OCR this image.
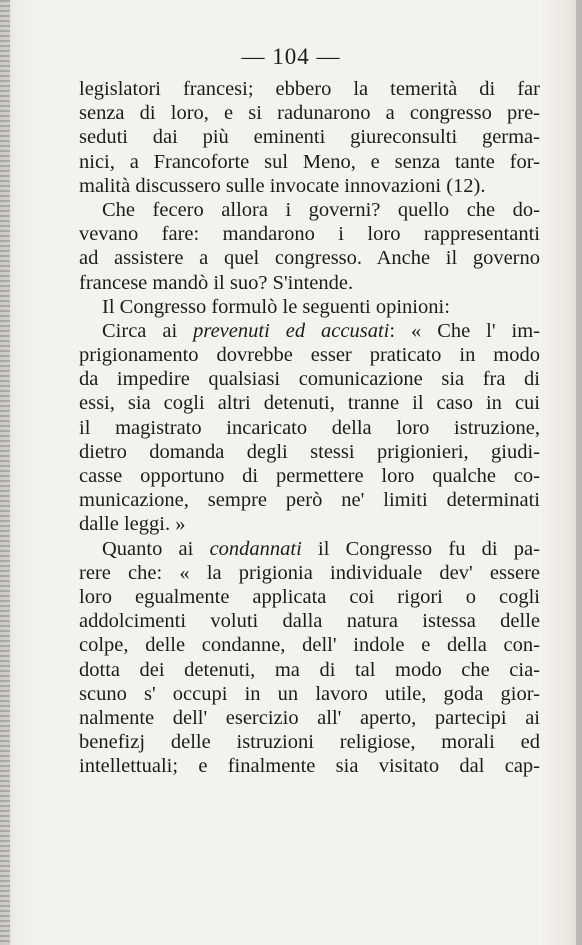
— 104 —
legislatori francesi; ebbero la temerità di far
senza di loro, e si radunarono a congresso pre-
seduti dai più eminenti giureconsulti germa-
nici, a Francoforte sul Meno, e senza tante for-
malità discussero sulle invocate innovazioni (12).
Che fecero allora i governi? quello che do-
vevano fare: mandarono i loro rappresentanti
ad assistere a quel congresso. Anche il governo
francese mandò il suo? S'intende.
Il Congresso formulò le seguenti opinioni:
Circa ai prevenuti ed accusati: « Che l' im-
prigionamento dovrebbe esser praticato in modo
da impedire qualsiasi comunicazione sia fra di
essi, sia cogli altri detenuti, tranne il caso in cui
il magistrato incaricato della loro istruzione,
dietro domanda degli stessi prigionieri, giudi-
casse opportuno di permettere loro qualche co-
municazione, sempre però ne' limiti determinati
dalle leggi. »
Quanto ai condannati il Congresso fu di pa-
rere che: « la prigionia individuale dev' essere
loro egualmente applicata coi rigori o cogli
addolcimenti voluti dalla natura istessa delle
colpe, delle condanne, dell' indole e della con-
dotta dei detenuti, ma di tal modo che cia-
scuno s' occupi in un lavoro utile, goda gior-
nalmente dell' esercizio all' aperto, partecipi ai
benefizj delle istruzioni religiose, morali ed
intellettuali; e finalmente sia visitato dal cap-
